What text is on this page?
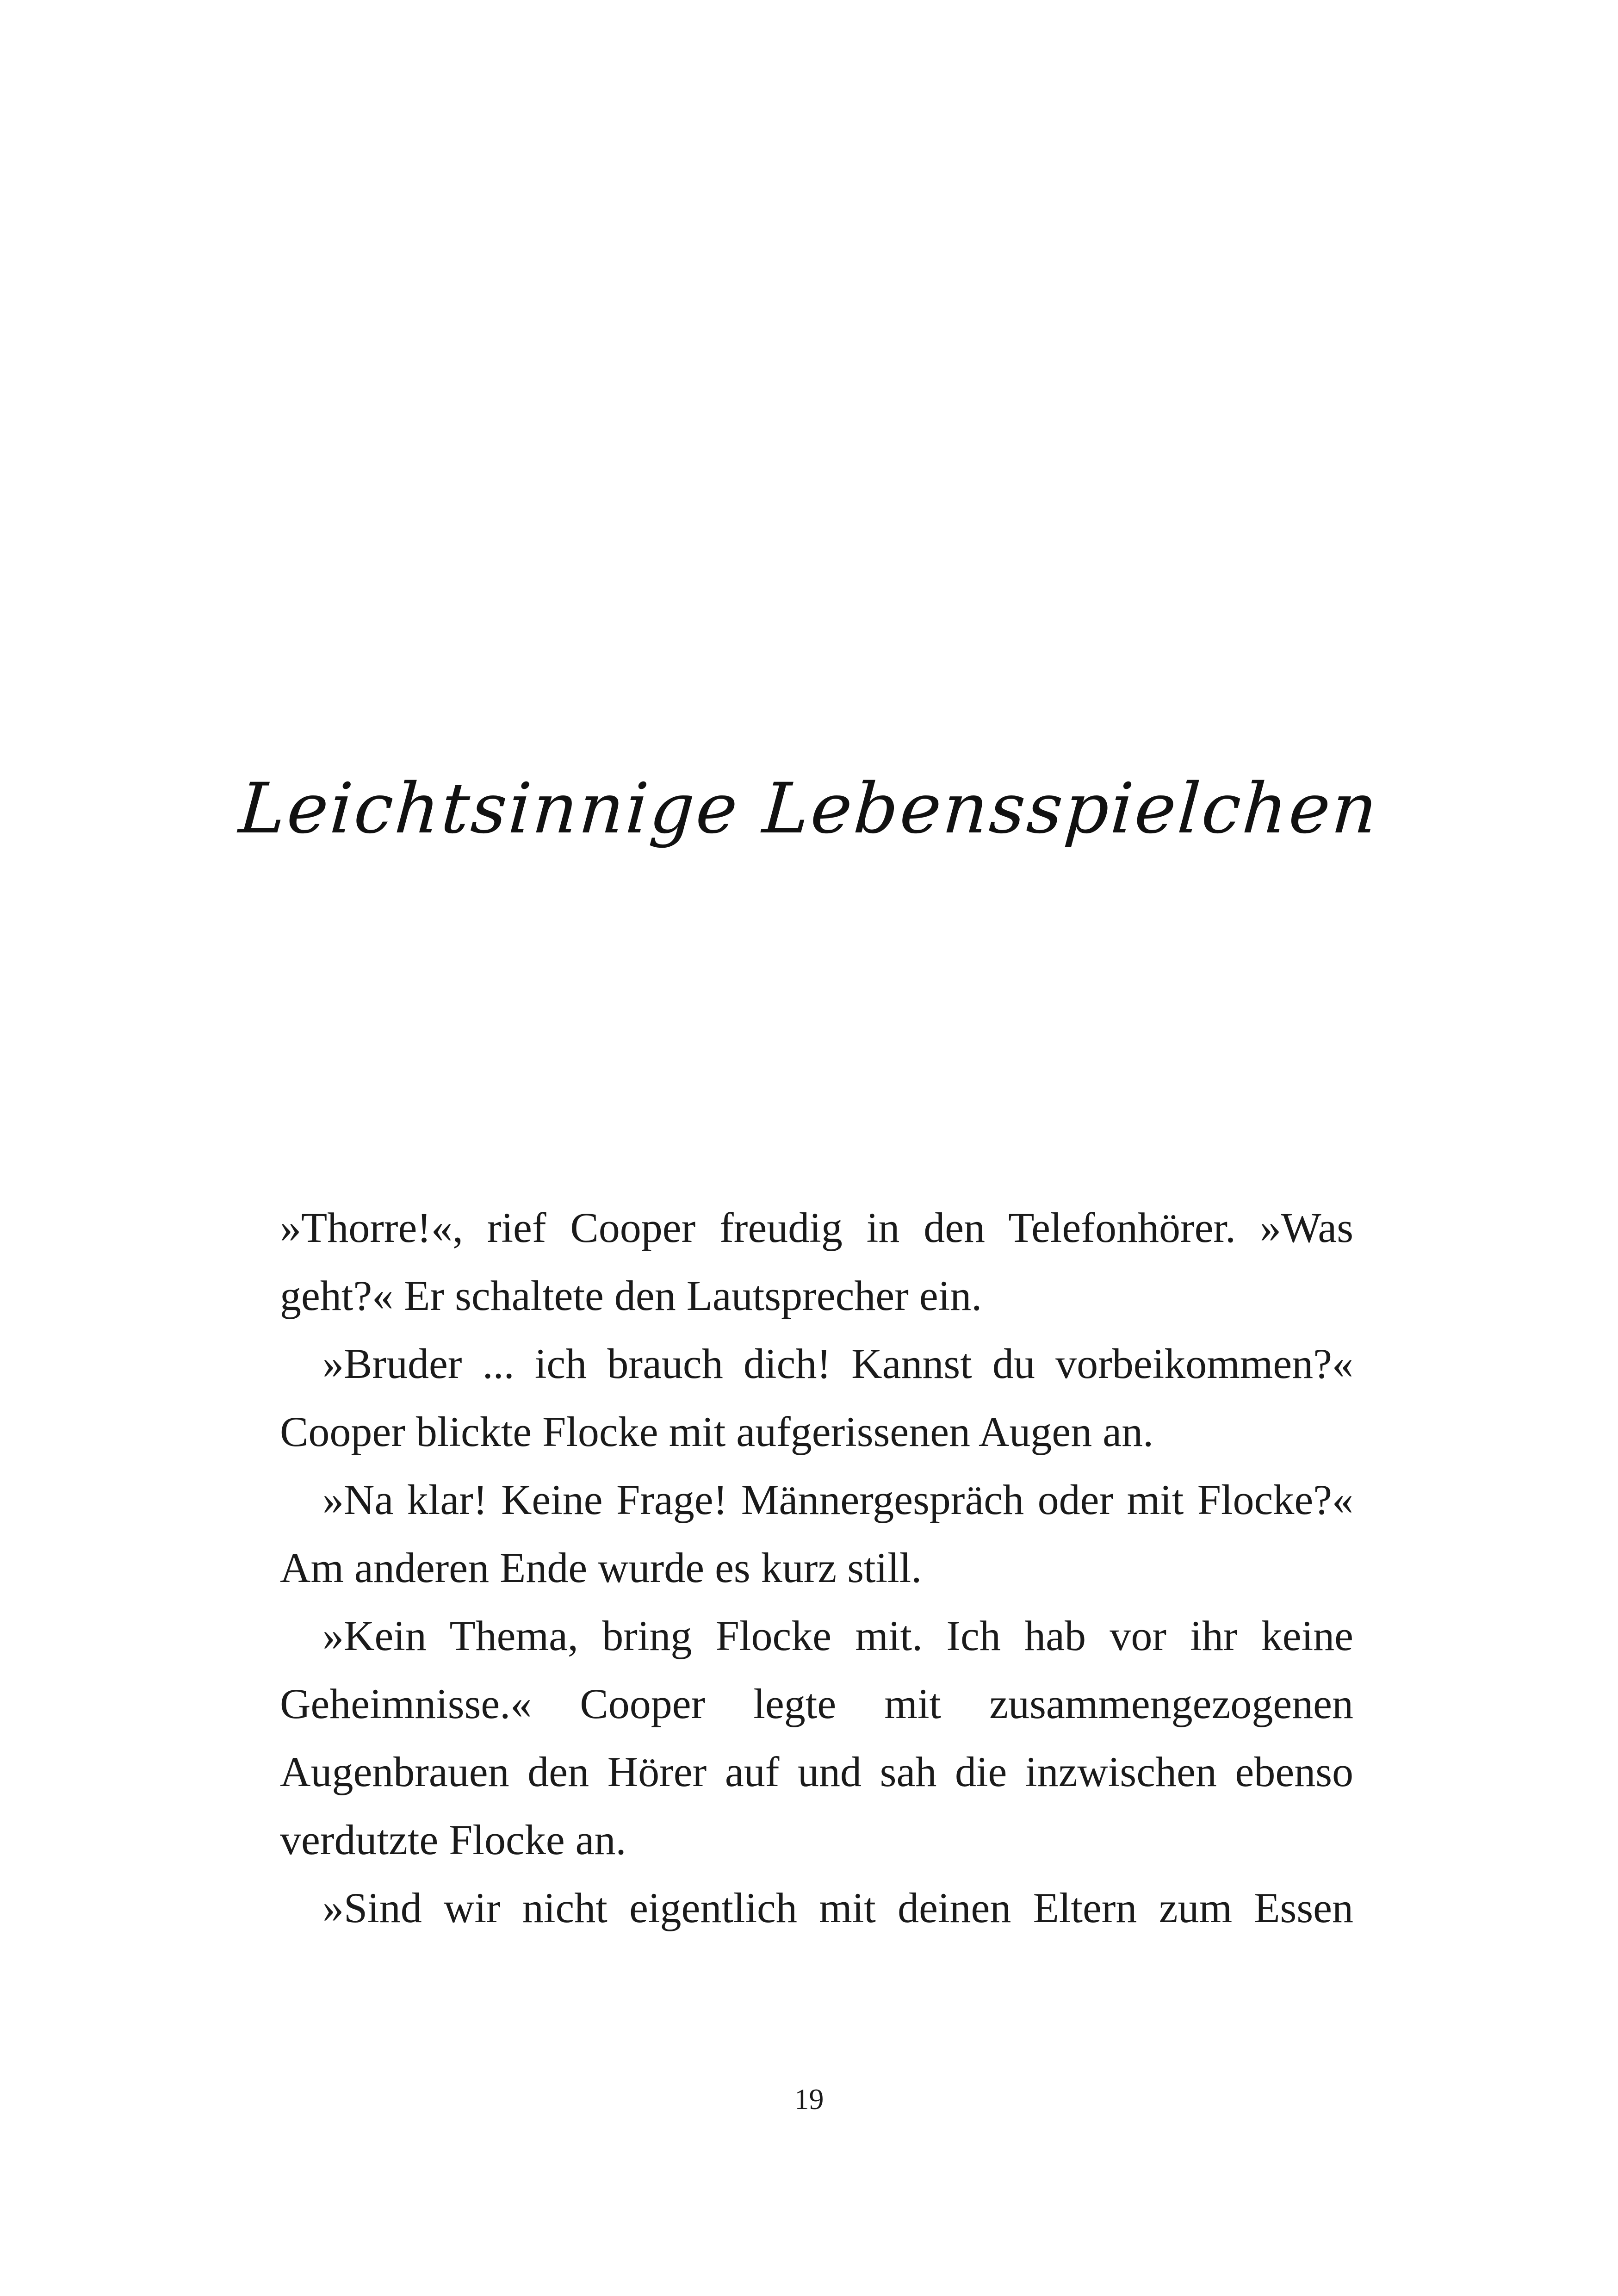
Leichtsinnige Lebensspielchen

»Thorre!«, rief Cooper freudig in den Telefonhörer. »Was geht?« Er schaltete den Lautsprecher ein.

»Bruder ... ich brauch dich! Kannst du vorbeikommen?« Cooper blickte Flocke mit aufgerissenen Augen an.

»Na klar! Keine Frage! Männergespräch oder mit Flocke?« Am anderen Ende wurde es kurz still.

»Kein Thema, bring Flocke mit. Ich hab vor ihr keine Geheimnisse.« Cooper legte mit zusammengezogenen Augenbrauen den Hörer auf und sah die inzwischen ebenso verdutzte Flocke an.

»Sind wir nicht eigentlich mit deinen Eltern zum Essen

19
